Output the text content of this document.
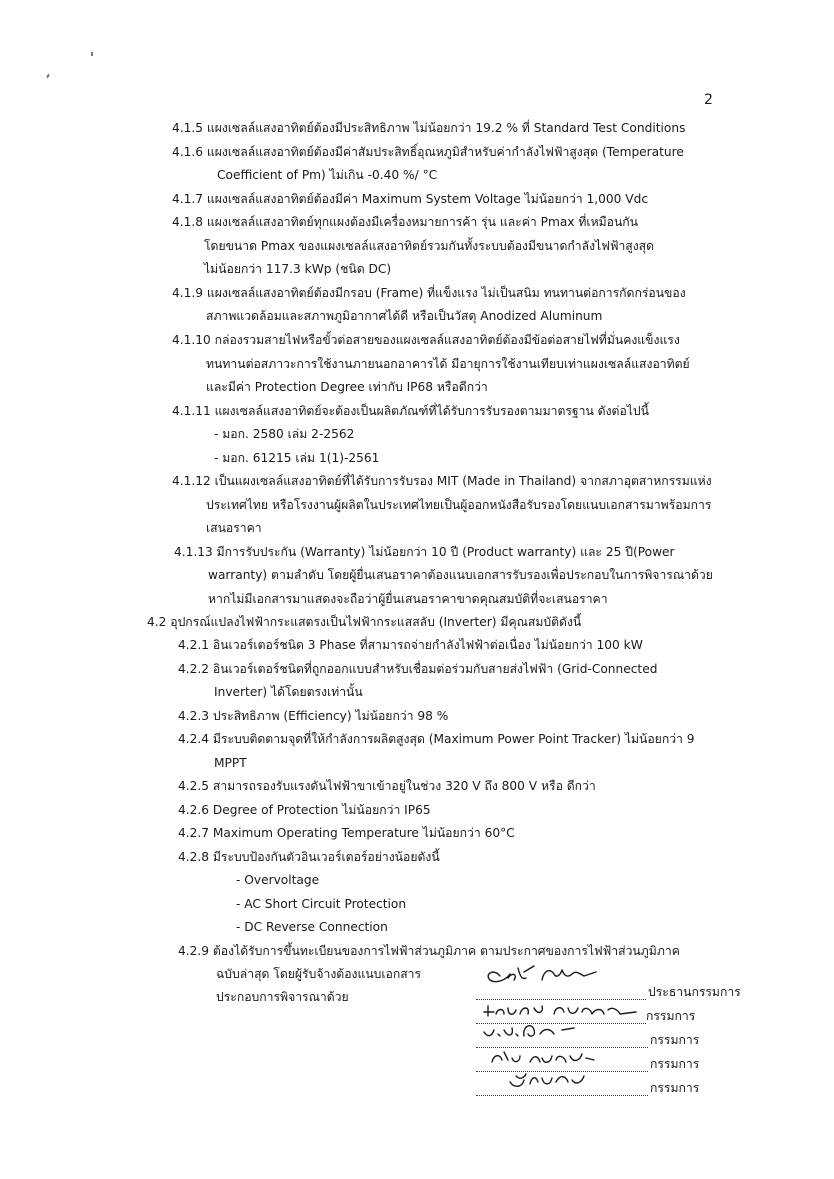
2
4.1.5 แผงเซลล์แสงอาทิตย์ต้องมีประสิทธิภาพ ไม่น้อยกว่า 19.2 % ที่ Standard Test Conditions
4.1.6 แผงเซลล์แสงอาทิตย์ต้องมีค่าสัมประสิทธิ์อุณหภูมิสำหรับค่ากำลังไฟฟ้าสูงสุด (Temperature
Coefficient of Pm) ไม่เกิน -0.40 %/ °C
4.1.7 แผงเซลล์แสงอาทิตย์ต้องมีค่า Maximum System Voltage ไม่น้อยกว่า 1,000 Vdc
4.1.8 แผงเซลล์แสงอาทิตย์ทุกแผงต้องมีเครื่องหมายการค้า รุ่น และค่า Pmax ที่เหมือนกัน
โดยขนาด Pmax ของแผงเซลล์แสงอาทิตย์รวมกันทั้งระบบต้องมีขนาดกำลังไฟฟ้าสูงสุด
ไม่น้อยกว่า 117.3 kWp (ชนิด DC)
4.1.9 แผงเซลล์แสงอาทิตย์ต้องมีกรอบ (Frame) ที่แข็งแรง ไม่เป็นสนิม ทนทานต่อการกัดกร่อนของ
สภาพแวดล้อมและสภาพภูมิอากาศได้ดี หรือเป็นวัสดุ Anodized Aluminum
4.1.10 กล่องรวมสายไฟหรือขั้วต่อสายของแผงเซลล์แสงอาทิตย์ต้องมีข้อต่อสายไฟที่มั่นคงแข็งแรง
ทนทานต่อสภาวะการใช้งานภายนอกอาคารได้ มีอายุการใช้งานเทียบเท่าแผงเซลล์แสงอาทิตย์
และมีค่า Protection Degree เท่ากับ IP68 หรือดีกว่า
4.1.11 แผงเซลล์แสงอาทิตย์จะต้องเป็นผลิตภัณฑ์ที่ได้รับการรับรองตามมาตรฐาน ดังต่อไปนี้
- มอก. 2580 เล่ม 2-2562
- มอก. 61215 เล่ม 1(1)-2561
4.1.12 เป็นแผงเซลล์แสงอาทิตย์ที่ได้รับการรับรอง MIT (Made in Thailand) จากสภาอุตสาหกรรมแห่ง
ประเทศไทย หรือโรงงานผู้ผลิตในประเทศไทยเป็นผู้ออกหนังสือรับรองโดยแนบเอกสารมาพร้อมการ
เสนอราคา
4.1.13 มีการรับประกัน (Warranty) ไม่น้อยกว่า 10 ปี (Product warranty) และ 25 ปี(Power
warranty) ตามลำดับ โดยผู้ยื่นเสนอราคาต้องแนบเอกสารรับรองเพื่อประกอบในการพิจารณาด้วย
หากไม่มีเอกสารมาแสดงจะถือว่าผู้ยื่นเสนอราคาขาดคุณสมบัติที่จะเสนอราคา
4.2 อุปกรณ์แปลงไฟฟ้ากระแสตรงเป็นไฟฟ้ากระแสสลับ (Inverter) มีคุณสมบัติดังนี้
4.2.1 อินเวอร์เตอร์ชนิด 3 Phase ที่สามารถจ่ายกำลังไฟฟ้าต่อเนื่อง ไม่น้อยกว่า 100 kW
4.2.2 อินเวอร์เตอร์ชนิดที่ถูกออกแบบสำหรับเชื่อมต่อร่วมกับสายส่งไฟฟ้า (Grid-Connected
Inverter) ได้โดยตรงเท่านั้น
4.2.3 ประสิทธิภาพ (Efficiency) ไม่น้อยกว่า 98 %
4.2.4 มีระบบติดตามจุดที่ให้กำลังการผลิตสูงสุด (Maximum Power Point Tracker) ไม่น้อยกว่า 9
MPPT
4.2.5 สามารถรองรับแรงดันไฟฟ้าขาเข้าอยู่ในช่วง 320 V ถึง 800 V หรือ ดีกว่า
4.2.6 Degree of Protection ไม่น้อยกว่า IP65
4.2.7 Maximum Operating Temperature ไม่น้อยกว่า 60°C
4.2.8 มีระบบป้องกันตัวอินเวอร์เตอร์อย่างน้อยดังนี้
- Overvoltage
- AC Short Circuit Protection
- DC Reverse Connection
4.2.9 ต้องได้รับการขึ้นทะเบียนของการไฟฟ้าส่วนภูมิภาค ตามประกาศของการไฟฟ้าส่วนภูมิภาค
ฉบับล่าสุด โดยผู้รับจ้างต้องแนบเอกสาร
ประกอบการพิจารณาด้วย	ประธานกรรมการ
กรรมการ
กรรมการ
กรรมการ
กรรมการ
